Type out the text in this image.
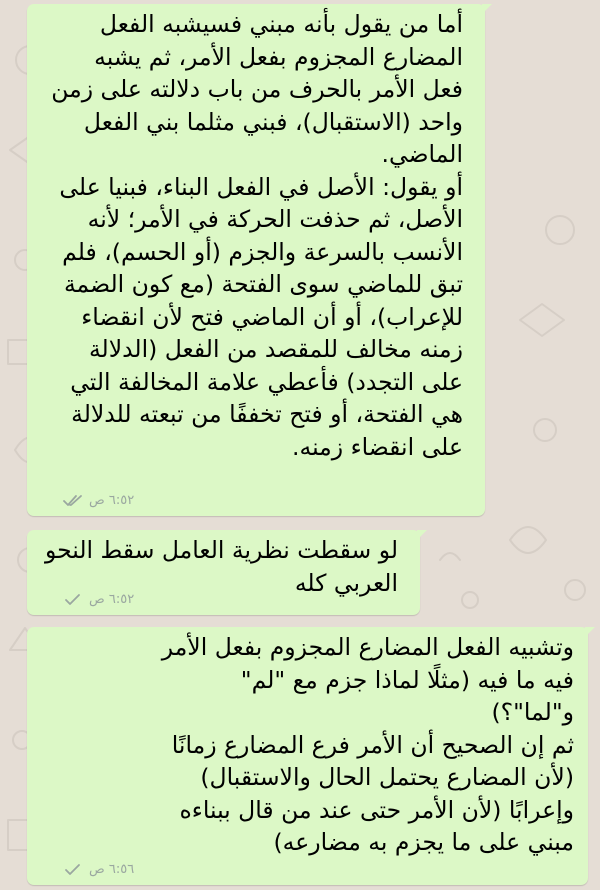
أما من يقول بأنه مبني فسيشبه الفعل
المضارع المجزوم بفعل الأمر، ثم يشبه
فعل الأمر بالحرف من باب دلالته على زمن
واحد (الاستقبال)، فبني مثلما بني الفعل
الماضي.
أو يقول: الأصل في الفعل البناء، فبنيا على
الأصل، ثم حذفت الحركة في الأمر؛ لأنه
الأنسب بالسرعة والجزم (أو الحسم)، فلم
تبق للماضي سوى الفتحة (مع كون الضمة
للإعراب)، أو أن الماضي فتح لأن انقضاء
زمنه مخالف للمقصد من الفعل (الدلالة
على التجدد) فأعطي علامة المخالفة التي
هي الفتحة، أو فتح تخففًا من تبعته للدلالة
على انقضاء زمنه.
٦:٥٢ ص
لو سقطت نظرية العامل سقط النحو
العربي كله
٦:٥٢ ص
وتشبيه الفعل المضارع المجزوم بفعل الأمر
فيه ما فيه (مثلًا لماذا جزم مع "لم"
و"لما"؟)
ثم إن الصحيح أن الأمر فرع المضارع زمانًا
(لأن المضارع يحتمل الحال والاستقبال)
وإعرابًا (لأن الأمر حتى عند من قال ببناءه
مبني على ما يجزم به مضارعه)
٦:٥٦ ص
